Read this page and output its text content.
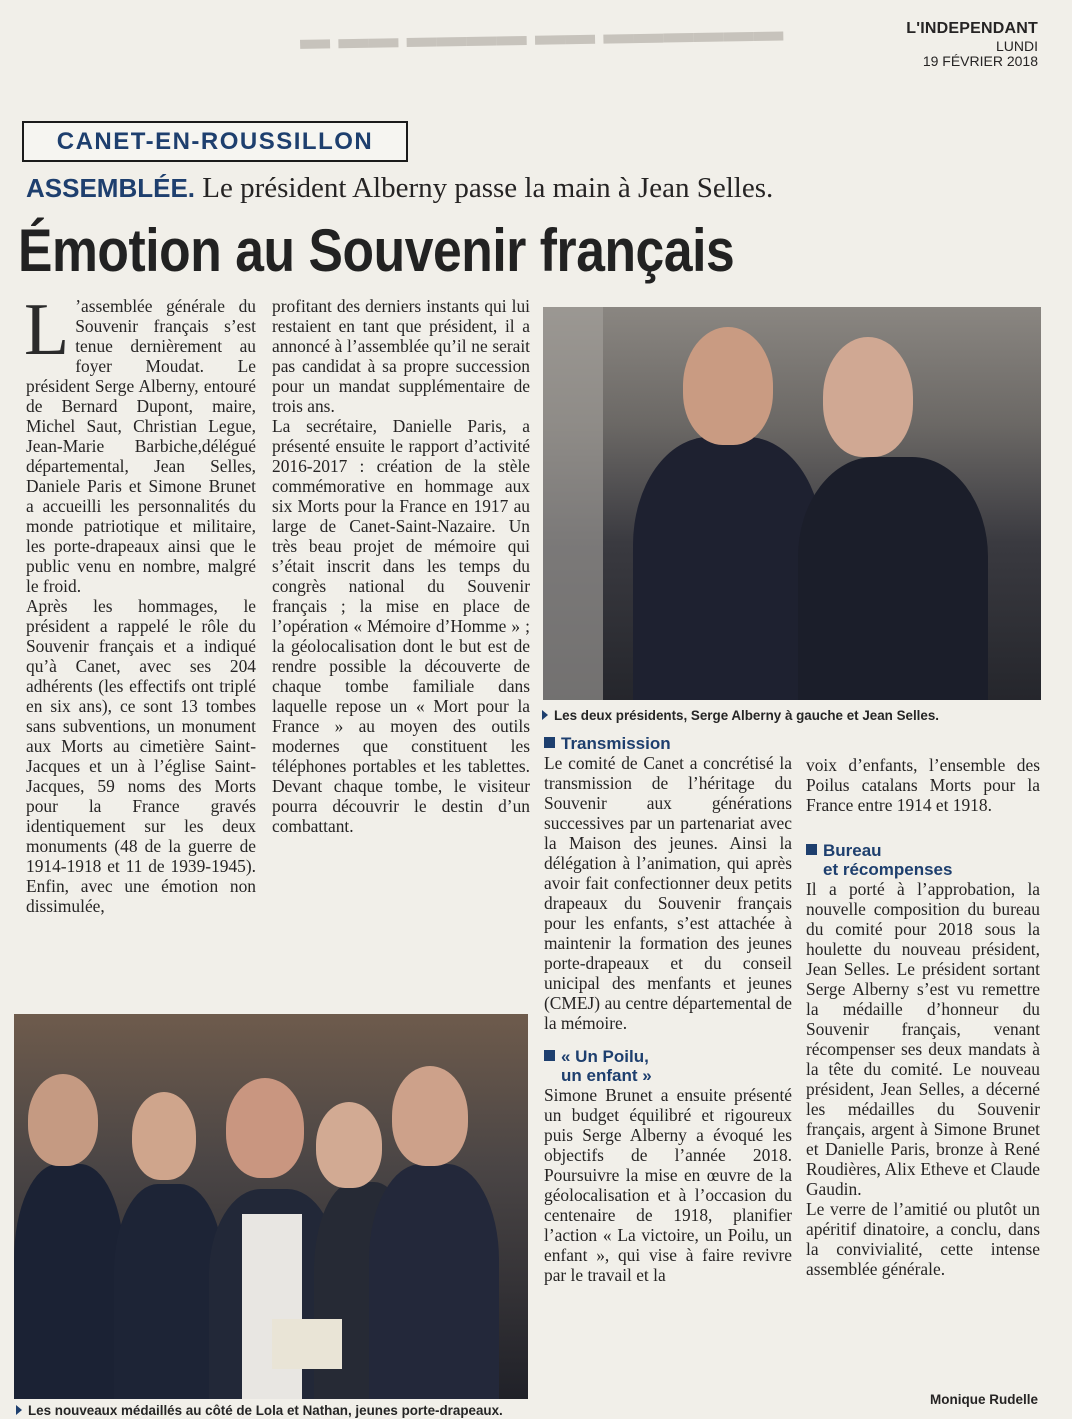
▬ ▬▬ ▬▬▬▬ ▬▬ ▬▬▬▬▬▬	L'INDEPENDANT
LUNDI
19 FÉVRIER 2018
CANET-EN-ROUSSILLON
ASSEMBLÉE. Le président Alberny passe la main à Jean Selles.
Émotion au Souvenir français
L ’assemblée générale du Souvenir français s’est tenue dernièrement au foyer Moudat. Le président Serge Alberny, entouré de Bernard Dupont, maire, Michel Saut, Christian Legue, Jean-Marie Barbiche,délégué départemental, Jean Selles, Daniele Paris et Simone Brunet a accueilli les personnalités du monde patriotique et militaire, les porte-drapeaux ainsi que le public venu en nombre, malgré le froid.

Après les hommages, le président a rappelé le rôle du Souvenir français et a indiqué qu’à Canet, avec ses 204 adhérents (les effectifs ont triplé en six ans), ce sont 13 tombes sans subventions, un monument aux Morts au cimetière Saint-Jacques et un à l’église Saint-Jacques, 59 noms des Morts pour la France gravés identiquement sur les deux monuments (48 de la guerre de 1914-1918 et 11 de 1939-1945). Enfin, avec une émotion non dissimulée,

profitant des derniers instants qui lui restaient en tant que président, il a annoncé à l’assemblée qu’il ne serait pas candidat à sa propre succession pour un mandat supplémentaire de trois ans.

La secrétaire, Danielle Paris, a présenté ensuite le rapport d’activité 2016-2017 : création de la stèle commémorative en hommage aux six Morts pour la France en 1917 au large de Canet-Saint-Nazaire. Un très beau projet de mémoire qui s’était inscrit dans les temps du congrès national du Souvenir français ; la mise en place de l’opération « Mémoire d’Homme » ; la géolocalisation dont le but est de rendre possible la découverte de chaque tombe familiale dans laquelle repose un « Mort pour la France » au moyen des outils modernes que constituent les téléphones portables et les tablettes. Devant chaque tombe, le visiteur pourra découvrir le destin d’un combattant.

Les deux présidents, Serge Alberny à gauche et Jean Selles.
Transmission

Le comité de Canet a concrétisé la transmission de l’héritage du Souvenir aux générations successives par un partenariat avec la Maison des jeunes. Ainsi la délégation à l’animation, qui après avoir fait confectionner deux petits drapeaux du Souvenir français pour les enfants, s’est attachée à maintenir la formation des jeunes porte-drapeaux et du conseil unicipal des menfants et jeunes (CMEJ) au centre départemental de la mémoire.

« Un Poilu,
un enfant »

Simone Brunet a ensuite présenté un budget équilibré et rigoureux puis Serge Alberny a évoqué les objectifs de l’année 2018. Poursuivre la mise en œuvre de la géolocalisation et à l’occasion du centenaire de 1918, planifier l’action « La victoire, un Poilu, un enfant », qui vise à faire revivre par le travail et la

voix d’enfants, l’ensemble des Poilus catalans Morts pour la France entre 1914 et 1918.

Bureau
et récompenses

Il a porté à l’approbation, la nouvelle composition du bureau du comité pour 2018 sous la houlette du nouveau président, Jean Selles. Le président sortant Serge Alberny s’est vu remettre la médaille d’honneur du Souvenir français, venant récompenser ses deux mandats à la tête du comité. Le nouveau président, Jean Selles, a décerné les médailles du Souvenir français, argent à Simone Brunet et Danielle Paris, bronze à René Roudières, Alix Etheve et Claude Gaudin.

Le verre de l’amitié ou plutôt un apéritif dinatoire, a conclu, dans la convivialité, cette intense assemblée générale.

Les nouveaux médaillés au côté de Lola et Nathan, jeunes porte-drapeaux.
Monique Rudelle
